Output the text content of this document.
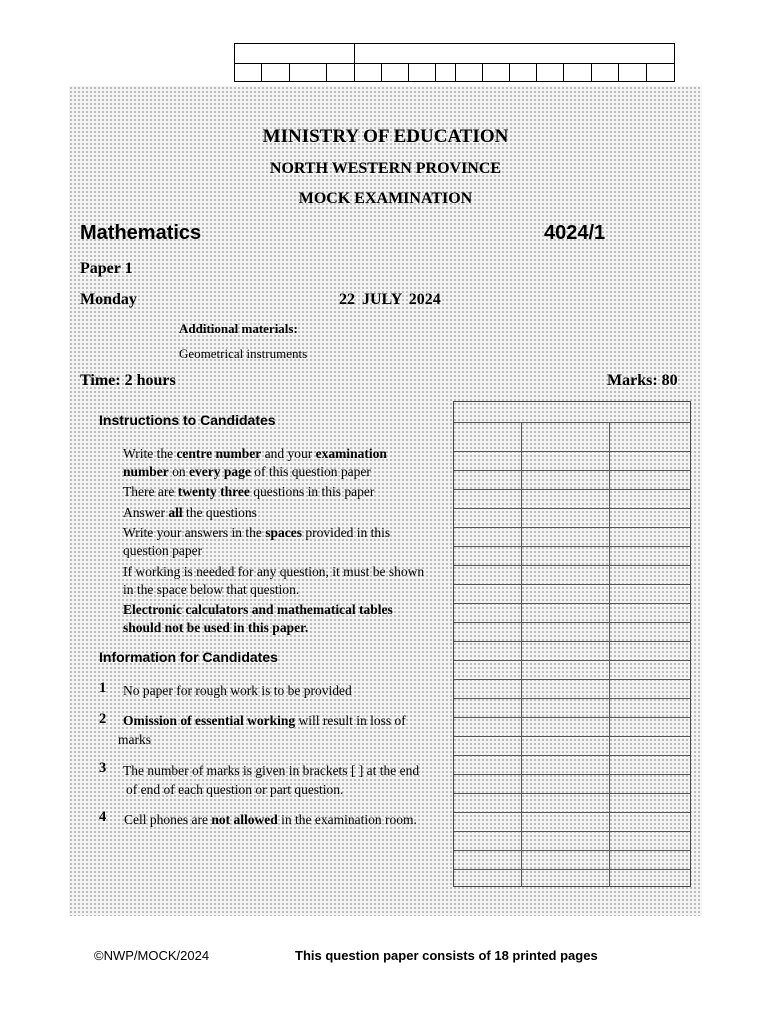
MINISTRY OF EDUCATION
NORTH WESTERN PROVINCE
MOCK EXAMINATION
Mathematics	4024/1
Paper 1
Monday	22 JULY 2024
Additional materials:
Geometrical instruments
Time: 2 hours	Marks: 80
Instructions to Candidates
Write the centre number and your examination number on every page of this question paper
There are twenty three questions in this paper
Answer all the questions
Write your answers in the spaces provided in this question paper
If working is needed for any question, it must be shown in the space below that question.
Electronic calculators and mathematical tables should not be used in this paper.
Information for Candidates
1 No paper for rough work is to be provided
2	Omission of essential working will result in loss of marks
3 The number of marks is given in brackets [ ] at the end of end of each question or part question.
4	Cell phones are not allowed in the examination room.
©NWP/MOCK/2024	This question paper consists of 18 printed pages
